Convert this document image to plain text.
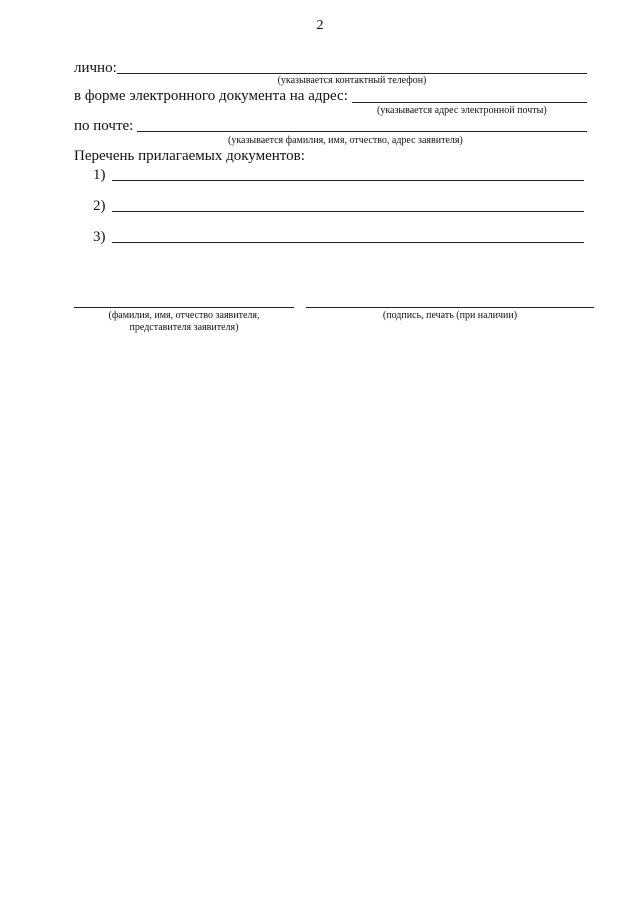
2
лично:
(указывается контактный телефон)
в форме электронного документа на адрес:
(указывается адрес электронной почты)
по почте:
(указывается фамилия, имя, отчество, адрес заявителя)
Перечень прилагаемых документов:
1)
2)
3)
(фамилия, имя, отчество заявителя,
представителя заявителя)
(подпись, печать (при наличии)
